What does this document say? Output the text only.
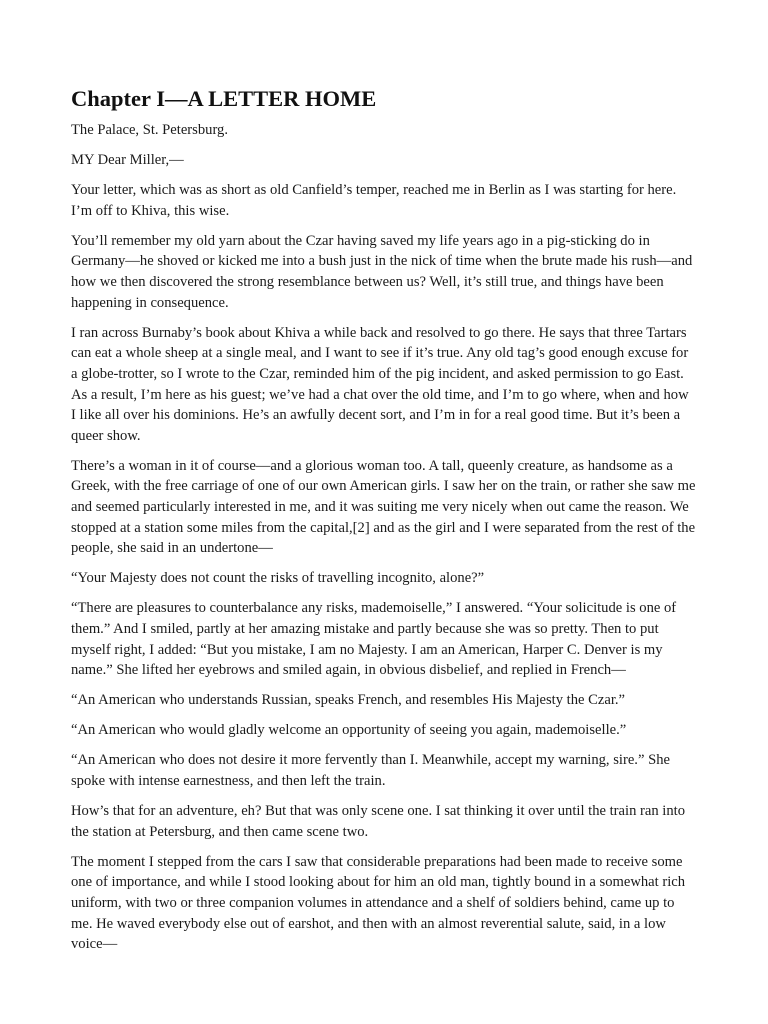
Chapter I—A LETTER HOME

The Palace, St. Petersburg.

MY Dear Miller,—

Your letter, which was as short as old Canfield’s temper, reached me in Berlin as I was starting for here. I’m off to Khiva, this wise.

You’ll remember my old yarn about the Czar having saved my life years ago in a pig-sticking do in Germany—he shoved or kicked me into a bush just in the nick of time when the brute made his rush—and how we then discovered the strong resemblance between us? Well, it’s still true, and things have been happening in consequence.

I ran across Burnaby’s book about Khiva a while back and resolved to go there. He says that three Tartars can eat a whole sheep at a single meal, and I want to see if it’s true. Any old tag’s good enough excuse for a globe-trotter, so I wrote to the Czar, reminded him of the pig incident, and asked permission to go East. As a result, I’m here as his guest; we’ve had a chat over the old time, and I’m to go where, when and how I like all over his dominions. He’s an awfully decent sort, and I’m in for a real good time. But it’s been a queer show.

There’s a woman in it of course—and a glorious woman too. A tall, queenly creature, as handsome as a Greek, with the free carriage of one of our own American girls. I saw her on the train, or rather she saw me and seemed particularly interested in me, and it was suiting me very nicely when out came the reason. We stopped at a station some miles from the capital,[2] and as the girl and I were separated from the rest of the people, she said in an undertone—

“Your Majesty does not count the risks of travelling incognito, alone?”

“There are pleasures to counterbalance any risks, mademoiselle,” I answered. “Your solicitude is one of them.” And I smiled, partly at her amazing mistake and partly because she was so pretty. Then to put myself right, I added: “But you mistake, I am no Majesty. I am an American, Harper C. Denver is my name.” She lifted her eyebrows and smiled again, in obvious disbelief, and replied in French—

“An American who understands Russian, speaks French, and resembles His Majesty the Czar.”

“An American who would gladly welcome an opportunity of seeing you again, mademoiselle.”

“An American who does not desire it more fervently than I. Meanwhile, accept my warning, sire.” She spoke with intense earnestness, and then left the train.

How’s that for an adventure, eh? But that was only scene one. I sat thinking it over until the train ran into the station at Petersburg, and then came scene two.

The moment I stepped from the cars I saw that considerable preparations had been made to receive some one of importance, and while I stood looking about for him an old man, tightly bound in a somewhat rich uniform, with two or three companion volumes in attendance and a shelf of soldiers behind, came up to me. He waved everybody else out of earshot, and then with an almost reverential salute, said, in a low voice—
